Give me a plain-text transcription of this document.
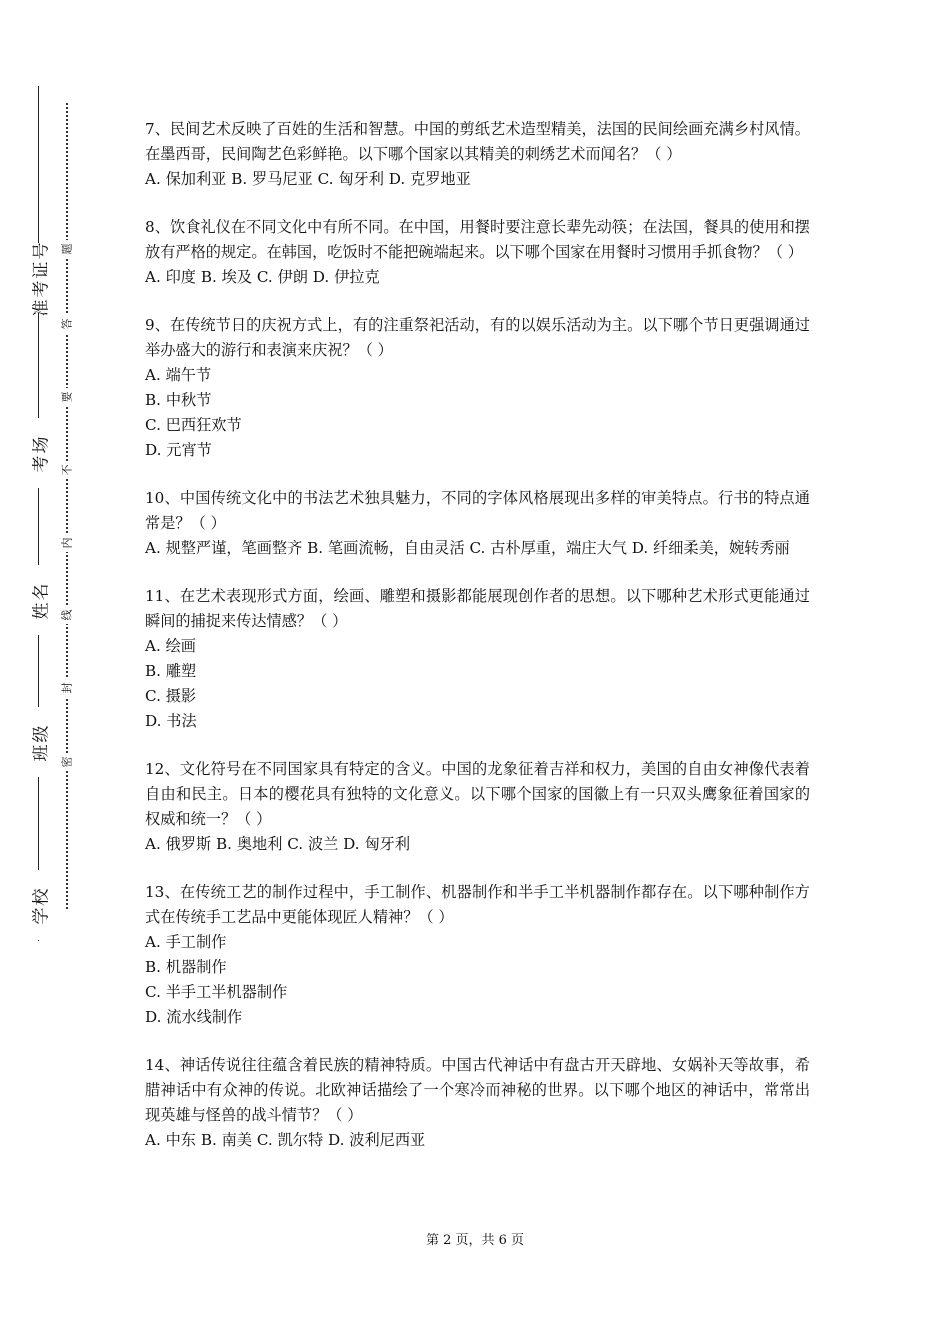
准考证号
考场
姓名
班级
学校
题
答
要
不
内
线
封
密

7、民间艺术反映了百姓的生活和智慧。中国的剪纸艺术造型精美，法国的民间绘画充满乡村风情。在墨西哥，民间陶艺色彩鲜艳。以下哪个国家以其精美的刺绣艺术而闻名？（ ）

A. 保加利亚 B. 罗马尼亚 C. 匈牙利 D. 克罗地亚

8、饮食礼仪在不同文化中有所不同。在中国，用餐时要注意长辈先动筷；在法国，餐具的使用和摆放有严格的规定。在韩国，吃饭时不能把碗端起来。以下哪个国家在用餐时习惯用手抓食物？（ ）

A. 印度 B. 埃及 C. 伊朗 D. 伊拉克

9、在传统节日的庆祝方式上，有的注重祭祀活动，有的以娱乐活动为主。以下哪个节日更强调通过举办盛大的游行和表演来庆祝？（ ）

A. 端午节

B. 中秋节

C. 巴西狂欢节

D. 元宵节

10、中国传统文化中的书法艺术独具魅力，不同的字体风格展现出多样的审美特点。行书的特点通常是？（ ）

A. 规整严谨，笔画整齐 B. 笔画流畅，自由灵活 C. 古朴厚重，端庄大气 D. 纤细柔美，婉转秀丽

11、在艺术表现形式方面，绘画、雕塑和摄影都能展现创作者的思想。以下哪种艺术形式更能通过瞬间的捕捉来传达情感？（ ）

A. 绘画

B. 雕塑

C. 摄影

D. 书法

12、文化符号在不同国家具有特定的含义。中国的龙象征着吉祥和权力，美国的自由女神像代表着自由和民主。日本的樱花具有独特的文化意义。以下哪个国家的国徽上有一只双头鹰象征着国家的权威和统一？（ ）

A. 俄罗斯 B. 奥地利 C. 波兰 D. 匈牙利

13、在传统工艺的制作过程中，手工制作、机器制作和半手工半机器制作都存在。以下哪种制作方式在传统手工艺品中更能体现匠人精神？（ ）

A. 手工制作

B. 机器制作

C. 半手工半机器制作

D. 流水线制作

14、神话传说往往蕴含着民族的精神特质。中国古代神话中有盘古开天辟地、女娲补天等故事，希腊神话中有众神的传说。北欧神话描绘了一个寒冷而神秘的世界。以下哪个地区的神话中，常常出现英雄与怪兽的战斗情节？（ ）

A. 中东 B. 南美 C. 凯尔特 D. 波利尼西亚

第 2 页，共 6 页
